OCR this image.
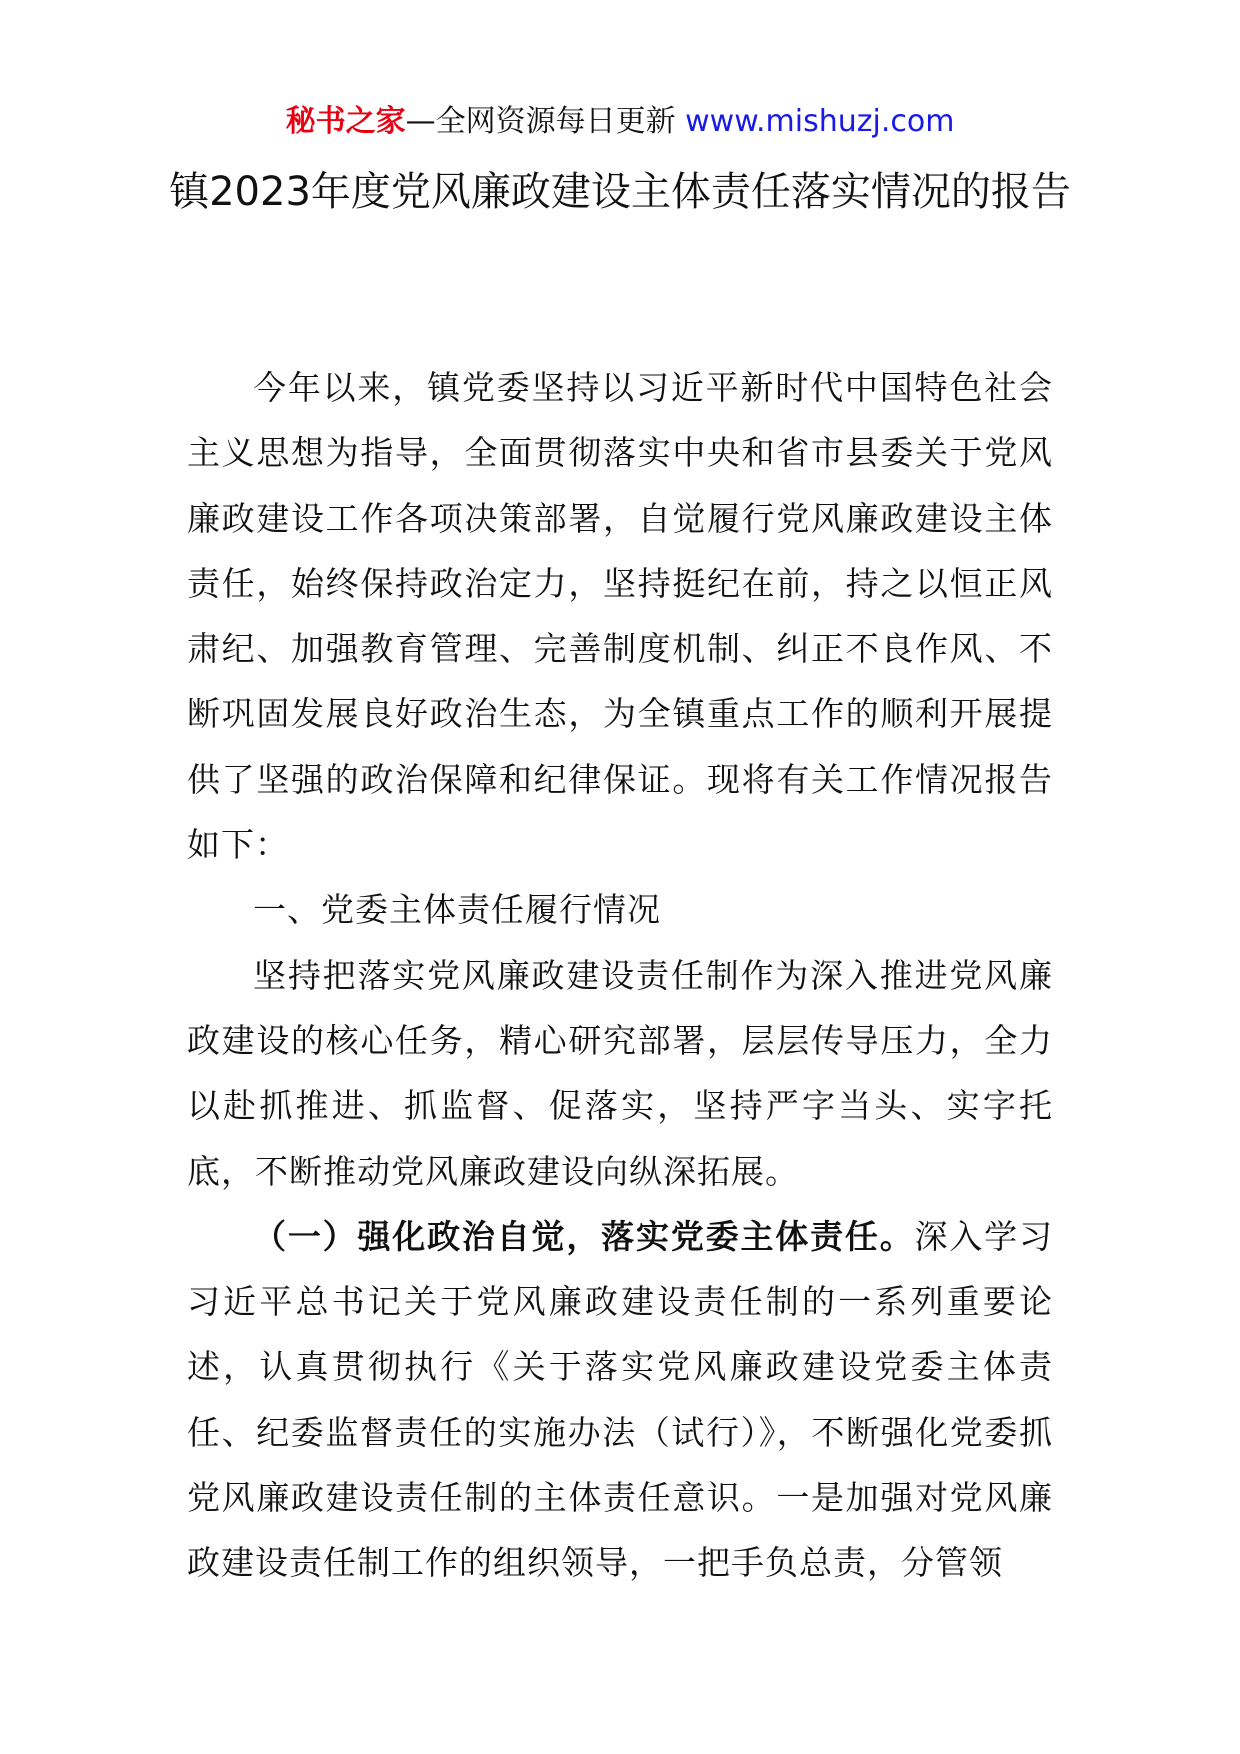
秘书之家—全网资源每日更新 www.mishuzj.com
镇2023年度党风廉政建设主体责任落实情况的报告

今年以来，镇党委坚持以习近平新时代中国特色社会主义思想为指导，全面贯彻落实中央和省市县委关于党风廉政建设工作各项决策部署，自觉履行党风廉政建设主体责任，始终保持政治定力，坚持挺纪在前，持之以恒正风肃纪、加强教育管理、完善制度机制、纠正不良作风、不断巩固发展良好政治生态，为全镇重点工作的顺利开展提供了坚强的政治保障和纪律保证。现将有关工作情况报告如下：

一、党委主体责任履行情况

坚持把落实党风廉政建设责任制作为深入推进党风廉政建设的核心任务，精心研究部署，层层传导压力，全力以赴抓推进、抓监督、促落实，坚持严字当头、实字托底，不断推动党风廉政建设向纵深拓展。

（一）强化政治自觉，落实党委主体责任。深入学习习近平总书记关于党风廉政建设责任制的一系列重要论述，认真贯彻执行《关于落实党风廉政建设党委主体责任、纪委监督责任的实施办法（试行）》，不断强化党委抓党风廉政建设责任制的主体责任意识。一是加强对党风廉政建设责任制工作的组织领导，一把手负总责，分管领
